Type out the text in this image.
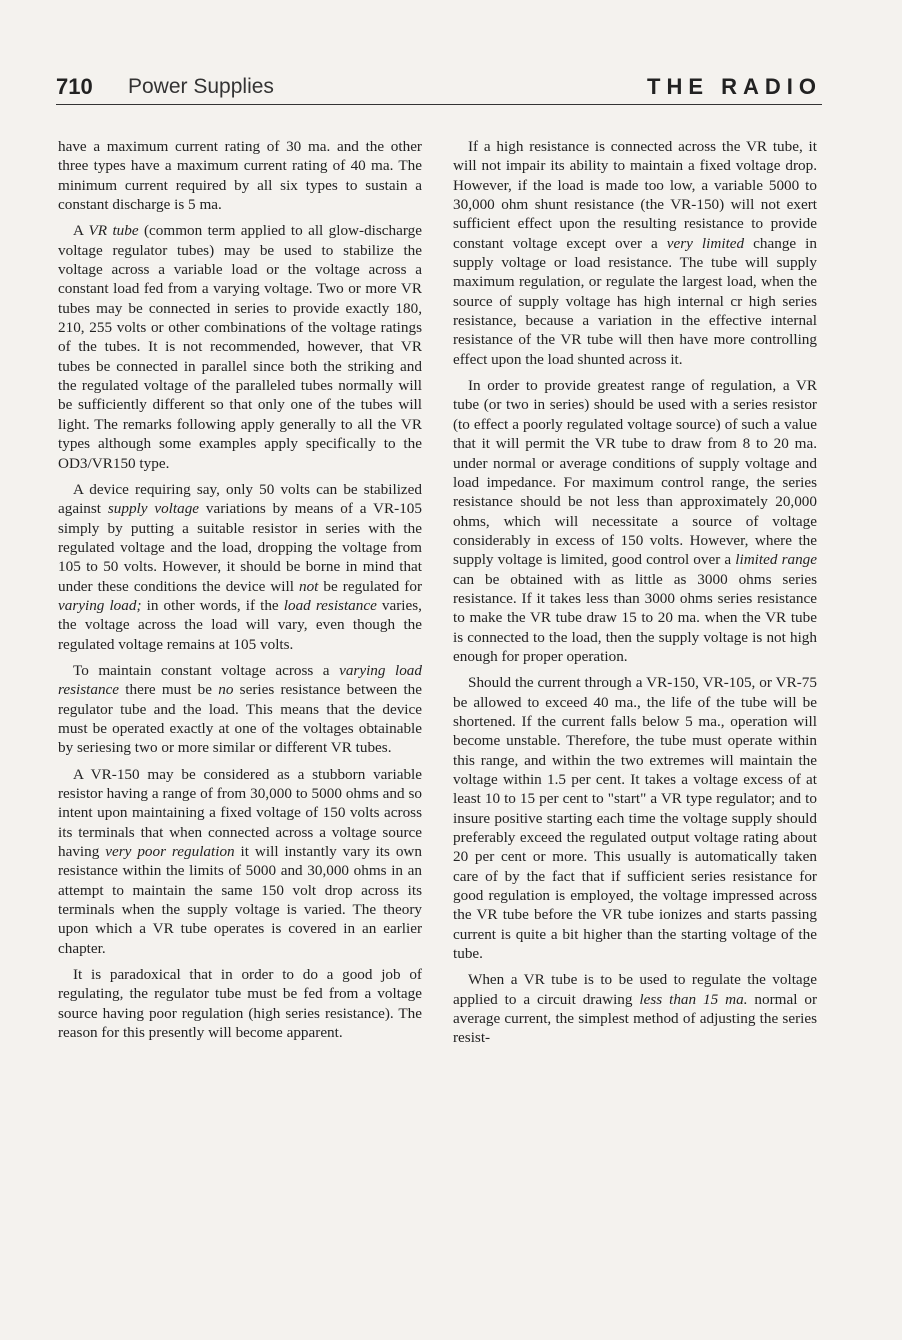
710 Power Supplies	THE RADIO

have a maximum current rating of 30 ma. and the other three types have a maximum current rating of 40 ma. The minimum current required by all six types to sustain a constant discharge is 5 ma.

A VR tube (common term applied to all glow-discharge voltage regulator tubes) may be used to stabilize the voltage across a variable load or the voltage across a constant load fed from a varying voltage. Two or more VR tubes may be connected in series to provide exactly 180, 210, 255 volts or other combinations of the voltage ratings of the tubes. It is not recommended, however, that VR tubes be connected in parallel since both the striking and the regulated voltage of the paralleled tubes normally will be sufficiently different so that only one of the tubes will light. The remarks following apply generally to all the VR types although some examples apply specifically to the OD3/VR150 type.

A device requiring say, only 50 volts can be stabilized against supply voltage variations by means of a VR-105 simply by putting a suitable resistor in series with the regulated voltage and the load, dropping the voltage from 105 to 50 volts. However, it should be borne in mind that under these conditions the device will not be regulated for varying load; in other words, if the load resistance varies, the voltage across the load will vary, even though the regulated voltage remains at 105 volts.

To maintain constant voltage across a varying load resistance there must be no series resistance between the regulator tube and the load. This means that the device must be operated exactly at one of the voltages obtainable by seriesing two or more similar or different VR tubes.

A VR-150 may be considered as a stubborn variable resistor having a range of from 30,000 to 5000 ohms and so intent upon maintaining a fixed voltage of 150 volts across its terminals that when connected across a voltage source having very poor regulation it will instantly vary its own resistance within the limits of 5000 and 30,000 ohms in an attempt to maintain the same 150 volt drop across its terminals when the supply voltage is varied. The theory upon which a VR tube operates is covered in an earlier chapter.

It is paradoxical that in order to do a good job of regulating, the regulator tube must be fed from a voltage source having poor regulation (high series resistance). The reason for this presently will become apparent.

If a high resistance is connected across the VR tube, it will not impair its ability to maintain a fixed voltage drop. However, if the load is made too low, a variable 5000 to 30,000 ohm shunt resistance (the VR-150) will not exert sufficient effect upon the resulting resistance to provide constant voltage except over a very limited change in supply voltage or load resistance. The tube will supply maximum regulation, or regulate the largest load, when the source of supply voltage has high internal cr high series resistance, because a variation in the effective internal resistance of the VR tube will then have more controlling effect upon the load shunted across it.

In order to provide greatest range of regulation, a VR tube (or two in series) should be used with a series resistor (to effect a poorly regulated voltage source) of such a value that it will permit the VR tube to draw from 8 to 20 ma. under normal or average conditions of supply voltage and load impedance. For maximum control range, the series resistance should be not less than approximately 20,000 ohms, which will necessitate a source of voltage considerably in excess of 150 volts. However, where the supply voltage is limited, good control over a limited range can be obtained with as little as 3000 ohms series resistance. If it takes less than 3000 ohms series resistance to make the VR tube draw 15 to 20 ma. when the VR tube is connected to the load, then the supply voltage is not high enough for proper operation.

Should the current through a VR-150, VR-105, or VR-75 be allowed to exceed 40 ma., the life of the tube will be shortened. If the current falls below 5 ma., operation will become unstable. Therefore, the tube must operate within this range, and within the two extremes will maintain the voltage within 1.5 per cent. It takes a voltage excess of at least 10 to 15 per cent to "start" a VR type regulator; and to insure positive starting each time the voltage supply should preferably exceed the regulated output voltage rating about 20 per cent or more. This usually is automatically taken care of by the fact that if sufficient series resistance for good regulation is employed, the voltage impressed across the VR tube before the VR tube ionizes and starts passing current is quite a bit higher than the starting voltage of the tube.

When a VR tube is to be used to regulate the voltage applied to a circuit drawing less than 15 ma. normal or average current, the simplest method of adjusting the series resist-
